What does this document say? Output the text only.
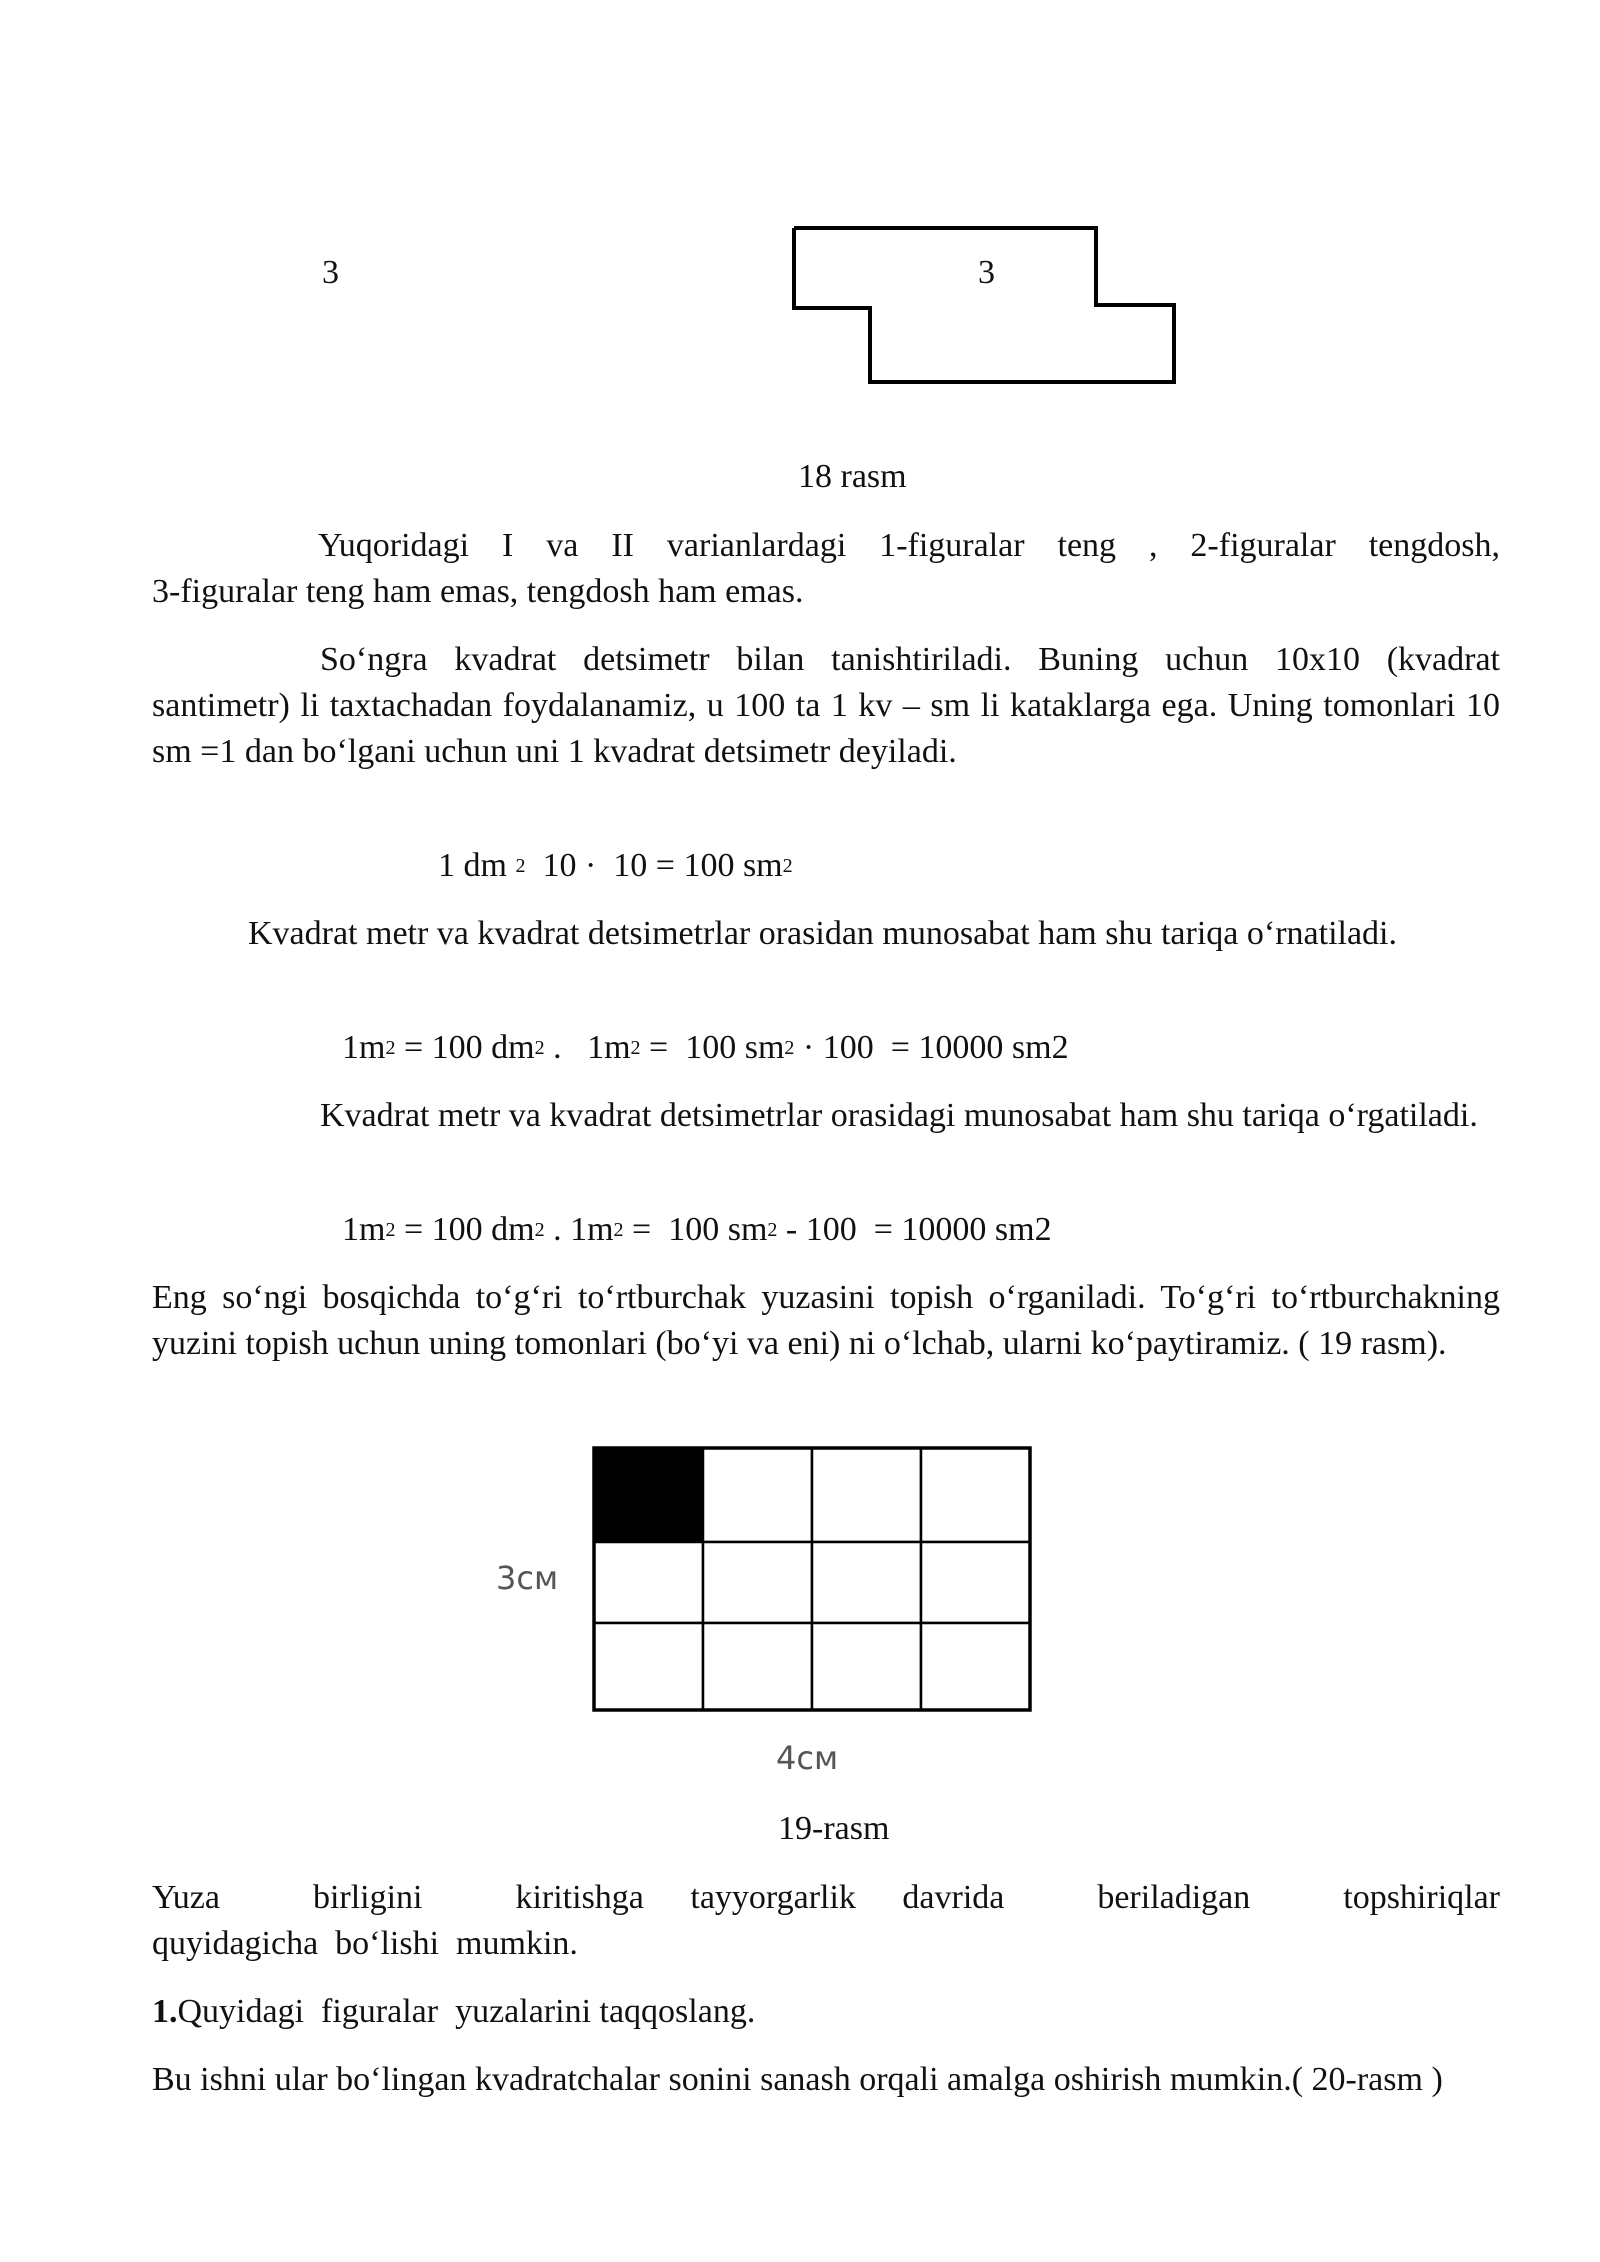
3	3
18 rasm
Yuqoridagi I va II varianlardagi 1-figuralar teng , 2-figuralar tengdosh,
3-figuralar teng ham emas, tengdosh ham emas.

So‘ngra kvadrat detsimetr bilan tanishtiriladi. Buning uchun 10x10 (kvadrat santimetr) li taxtachadan foydalanamiz, u 100 ta 1 kv – sm li kataklarga ega. Uning tomonlari 10 sm =1 dan bo‘lgani uchun uni 1 kvadrat detsimetr deyiladi.

1 dm $^2$  10 ·  10 = 100 $sm^2$

Kvadrat metr va kvadrat detsimetrlar orasidan munosabat ham shu tariqa o‘rnatiladi.

$1m^2 = 100$ $dm^2$ .   $1m^2 = 100$ $sm^2 \cdot 100 = 10000$ sm2

Kvadrat metr va kvadrat detsimetrlar orasidagi munosabat ham shu tariqa o‘rgatiladi.

$1m^2 = 100$ $dm^2$ . $1m^2 = 100$ $sm^2 - 100 = 10000$ sm2

Eng so‘ngi bosqichda to‘g‘ri to‘rtburchak yuzasini topish o‘rganiladi. To‘g‘ri to‘rtburchakning yuzini topish uchun uning tomonlari (bo‘yi va eni) ni o‘lchab, ularni ko‘paytiramiz. ( 19 rasm).

3см
4см
19-rasm
Yuza    birligini    kiritishga  tayyorgarlik  davrida    beriladigan    topshiriqlar
quyidagicha  bo‘lishi  mumkin.
1.Quyidagi  figuralar  yuzalarini taqqoslang.

Bu ishni ular bo‘lingan kvadratchalar sonini sanash orqali amalga oshirish mumkin.( 20-rasm )
